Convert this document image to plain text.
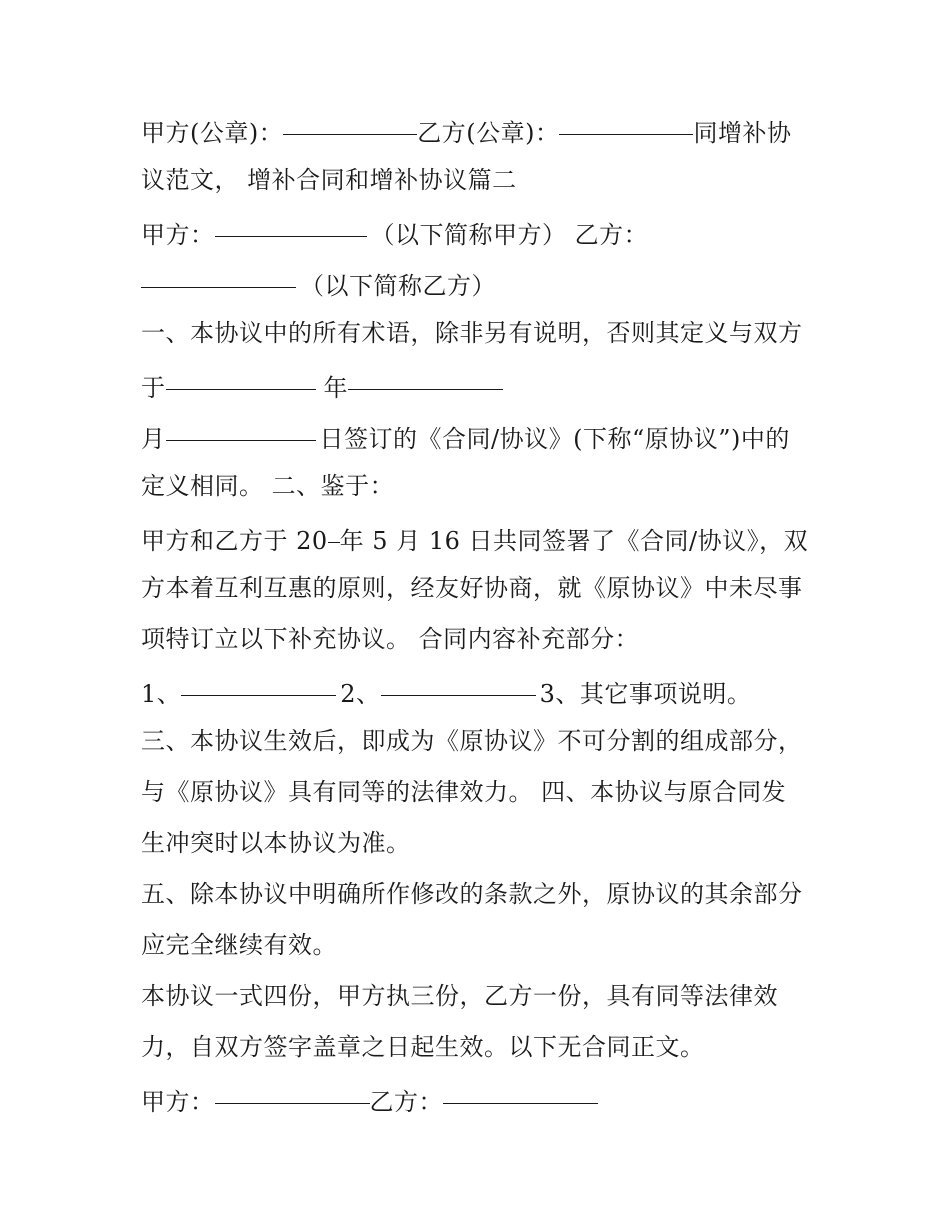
甲方(公章)：	乙方(公章)：	同增补协
议范文， 增补合同和增补协议篇二
甲方：	（以下简称甲方） 乙方：
（以下简称乙方）
一、本协议中的所有术语，除非另有说明，否则其定义与双方
于	年
月	日签订的《合同/协议》(下称“原协议”)中的
定义相同。 二、鉴于：
甲方和乙方于 20 年 5 月 16 日共同签署了《合同/协议》，双
方本着互利互惠的原则，经友好协商，就《原协议》中未尽事
项特订立以下补充协议。 合同内容补充部分：
1、	2、	3、其它事项说明。
三、本协议生效后，即成为《原协议》不可分割的组成部分，
与《原协议》具有同等的法律效力。 四、本协议与原合同发
生冲突时以本协议为准。
五、除本协议中明确所作修改的条款之外，原协议的其余部分
应完全继续有效。
本协议一式四份，甲方执三份，乙方一份，具有同等法律效
力，自双方签字盖章之日起生效。以下无合同正文。
甲方：	乙方：
